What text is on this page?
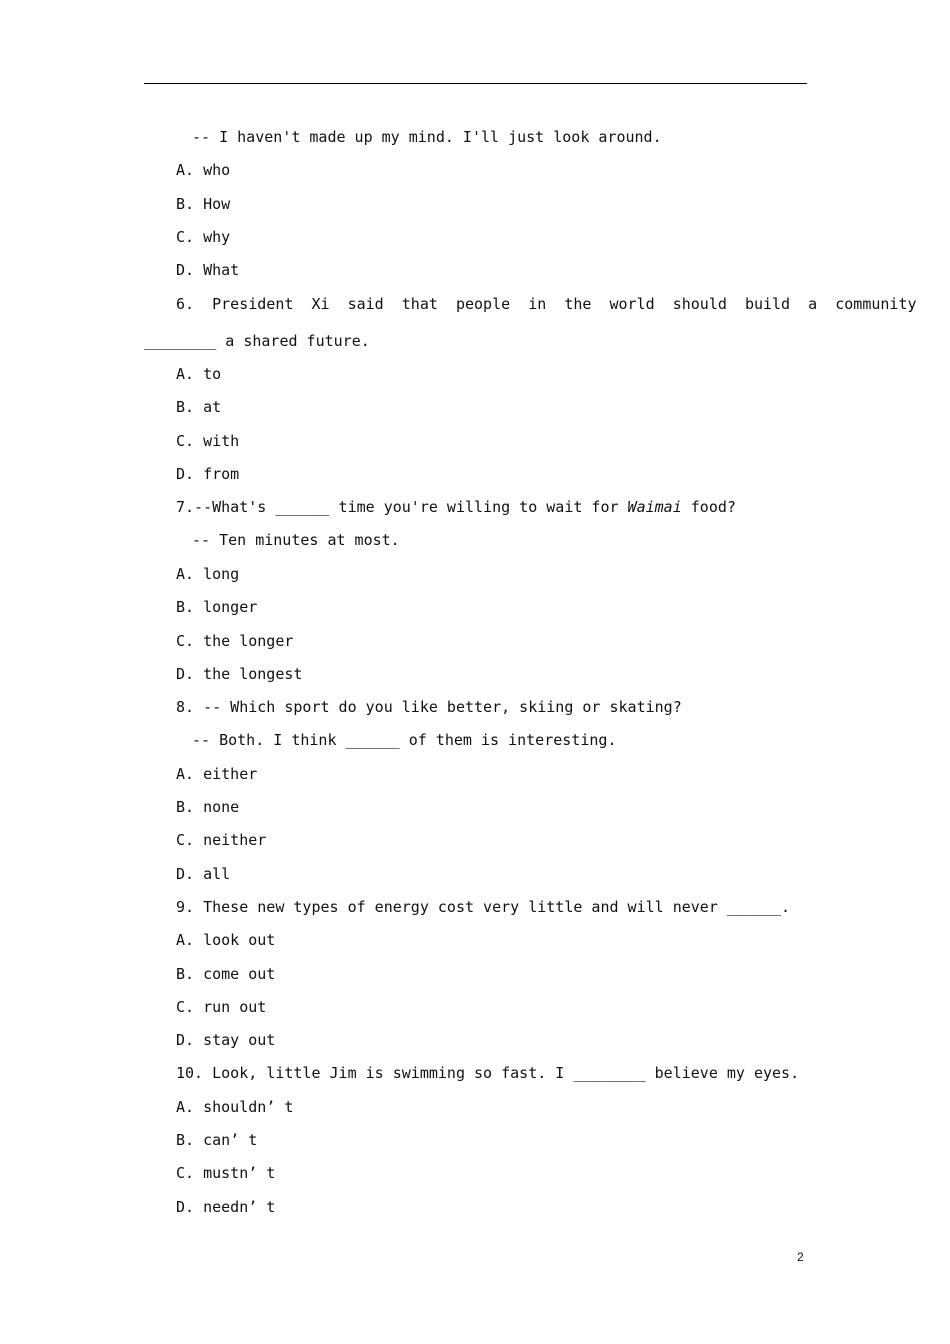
-- I haven't made up my mind. I'll just look around.
A. who
B. How
C. why
D. What
6.  President  Xi  said  that  people  in  the  world  should  build  a  community
________ a shared future.
A. to
B. at
C. with
D. from
7.--What's ______ time you're willing to wait for Waimai food?
-- Ten minutes at most.
A. long
B. longer
C. the longer
D. the longest
8. -- Which sport do you like better, skiing or skating?
-- Both. I think ______ of them is interesting.
A. either
B. none
C. neither
D. all
9. These new types of energy cost very little and will never ______.
A. look out
B. come out
C. run out
D. stay out
10. Look, little Jim is swimming so fast. I ________ believe my eyes.
A. shouldn’ t
B. can’ t
C. mustn’ t
D. needn’ t
2
